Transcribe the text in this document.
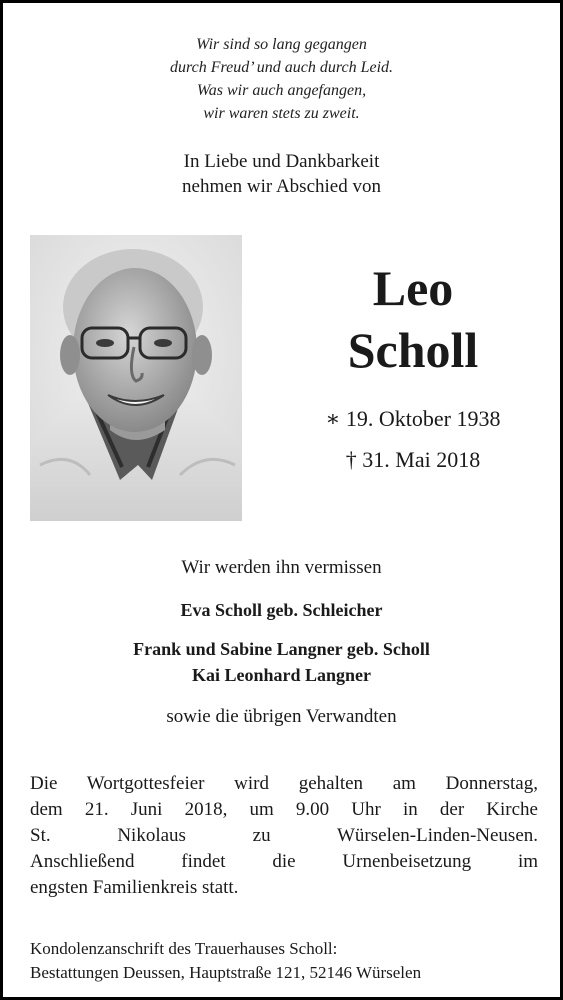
Wir sind so lang gegangen
durch Freud’ und auch durch Leid.
Was wir auch angefangen,
wir waren stets zu zweit.
In Liebe und Dankbarkeit
nehmen wir Abschied von
Leo
Scholl
∗ 19. Oktober 1938
† 31. Mai 2018
Wir werden ihn vermissen
Eva Scholl geb. Schleicher
Frank und Sabine Langner geb. Scholl
Kai Leonhard Langner
sowie die übrigen Verwandten
Die Wortgottesfeier wird gehalten am Donnerstag,
dem 21. Juni 2018, um 9.00 Uhr in der Kirche
St. Nikolaus zu Würselen-Linden-Neusen.
Anschließend findet die Urnenbeisetzung im
engsten Familienkreis statt.
Kondolenzanschrift des Trauerhauses Scholl:
Bestattungen Deussen, Hauptstraße 121, 52146 Würselen
